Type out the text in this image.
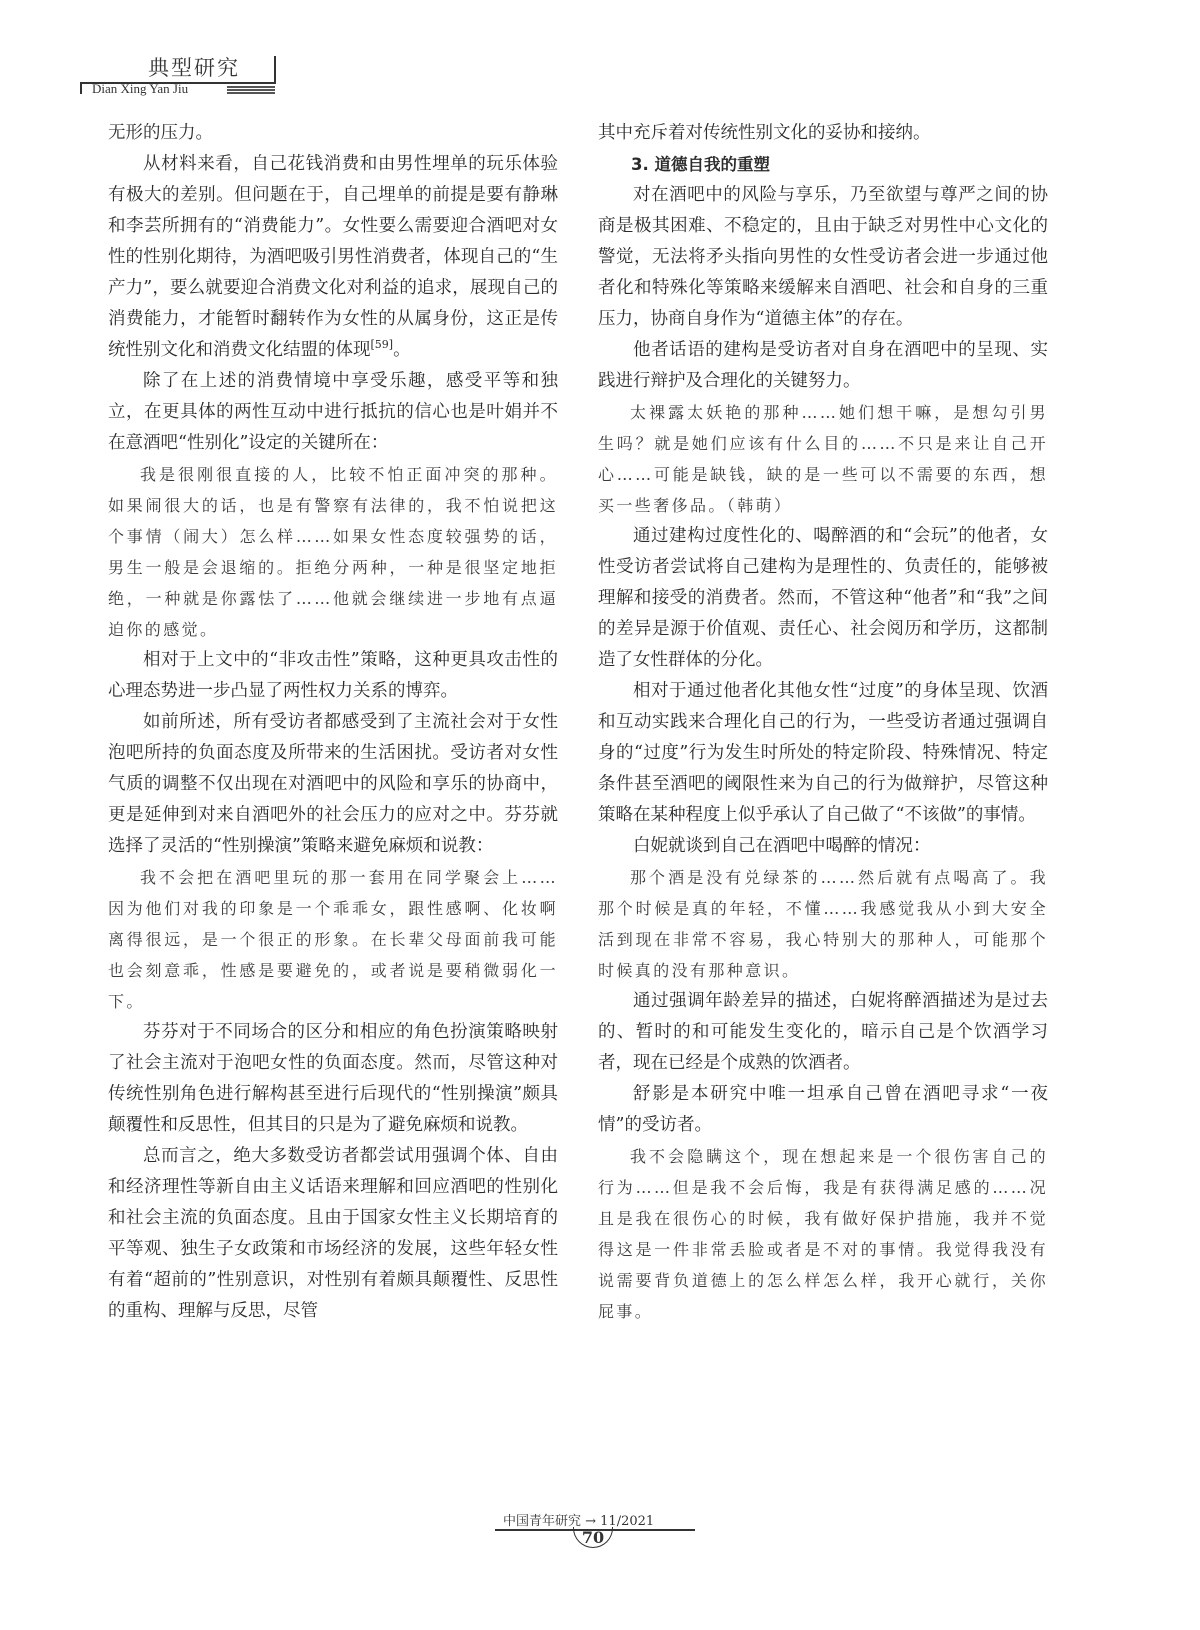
典型研究
Dian Xing Yan Jiu

无形的压力。

从材料来看，自己花钱消费和由男性埋单的玩乐体验有极大的差别。但问题在于，自己埋单的前提是要有静琳和李芸所拥有的“消费能力”。女性要么需要迎合酒吧对女性的性别化期待，为酒吧吸引男性消费者，体现自己的“生产力”，要么就要迎合消费文化对利益的追求，展现自己的消费能力，才能暂时翻转作为女性的从属身份，这正是传统性别文化和消费文化结盟的体现[59]。

除了在上述的消费情境中享受乐趣，感受平等和独立，在更具体的两性互动中进行抵抗的信心也是叶娟并不在意酒吧“性别化”设定的关键所在：

我是很刚很直接的人，比较不怕正面冲突的那种。如果闹很大的话，也是有警察有法律的，我不怕说把这个事情（闹大）怎么样……如果女性态度较强势的话，男生一般是会退缩的。拒绝分两种，一种是很坚定地拒绝，一种就是你露怯了……他就会继续进一步地有点逼迫你的感觉。

相对于上文中的“非攻击性”策略，这种更具攻击性的心理态势进一步凸显了两性权力关系的博弈。

如前所述，所有受访者都感受到了主流社会对于女性泡吧所持的负面态度及所带来的生活困扰。受访者对女性气质的调整不仅出现在对酒吧中的风险和享乐的协商中，更是延伸到对来自酒吧外的社会压力的应对之中。芬芬就选择了灵活的“性别操演”策略来避免麻烦和说教：

我不会把在酒吧里玩的那一套用在同学聚会上……因为他们对我的印象是一个乖乖女，跟性感啊、化妆啊离得很远，是一个很正的形象。在长辈父母面前我可能也会刻意乖，性感是要避免的，或者说是要稍微弱化一下。

芬芬对于不同场合的区分和相应的角色扮演策略映射了社会主流对于泡吧女性的负面态度。然而，尽管这种对传统性别角色进行解构甚至进行后现代的“性别操演”颇具颠覆性和反思性，但其目的只是为了避免麻烦和说教。

总而言之，绝大多数受访者都尝试用强调个体、自由和经济理性等新自由主义话语来理解和回应酒吧的性别化和社会主流的负面态度。且由于国家女性主义长期培育的平等观、独生子女政策和市场经济的发展，这些年轻女性有着“超前的”性别意识，对性别有着颇具颠覆性、反思性的重构、理解与反思，尽管

其中充斥着对传统性别文化的妥协和接纳。

3. 道德自我的重塑

对在酒吧中的风险与享乐，乃至欲望与尊严之间的协商是极其困难、不稳定的，且由于缺乏对男性中心文化的警觉，无法将矛头指向男性的女性受访者会进一步通过他者化和特殊化等策略来缓解来自酒吧、社会和自身的三重压力，协商自身作为“道德主体”的存在。

他者话语的建构是受访者对自身在酒吧中的呈现、实践进行辩护及合理化的关键努力。

太裸露太妖艳的那种……她们想干嘛，是想勾引男生吗？就是她们应该有什么目的……不只是来让自己开心……可能是缺钱，缺的是一些可以不需要的东西，想买一些奢侈品。（韩萌）

通过建构过度性化的、喝醉酒的和“会玩”的他者，女性受访者尝试将自己建构为是理性的、负责任的，能够被理解和接受的消费者。然而，不管这种“他者”和“我”之间的差异是源于价值观、责任心、社会阅历和学历，这都制造了女性群体的分化。

相对于通过他者化其他女性“过度”的身体呈现、饮酒和互动实践来合理化自己的行为，一些受访者通过强调自身的“过度”行为发生时所处的特定阶段、特殊情况、特定条件甚至酒吧的阈限性来为自己的行为做辩护，尽管这种策略在某种程度上似乎承认了自己做了“不该做”的事情。

白妮就谈到自己在酒吧中喝醉的情况：

那个酒是没有兑绿茶的……然后就有点喝高了。我那个时候是真的年轻，不懂……我感觉我从小到大安全活到现在非常不容易，我心特别大的那种人，可能那个时候真的没有那种意识。

通过强调年龄差异的描述，白妮将醉酒描述为是过去的、暂时的和可能发生变化的，暗示自己是个饮酒学习者，现在已经是个成熟的饮酒者。

舒影是本研究中唯一坦承自己曾在酒吧寻求“一夜情”的受访者。

我不会隐瞒这个，现在想起来是一个很伤害自己的行为……但是我不会后悔，我是有获得满足感的……况且是我在很伤心的时候，我有做好保护措施，我并不觉得这是一件非常丢脸或者是不对的事情。我觉得我没有说需要背负道德上的怎么样怎么样，我开心就行，关你屁事。

中国青年研究 → 11/2021
70
